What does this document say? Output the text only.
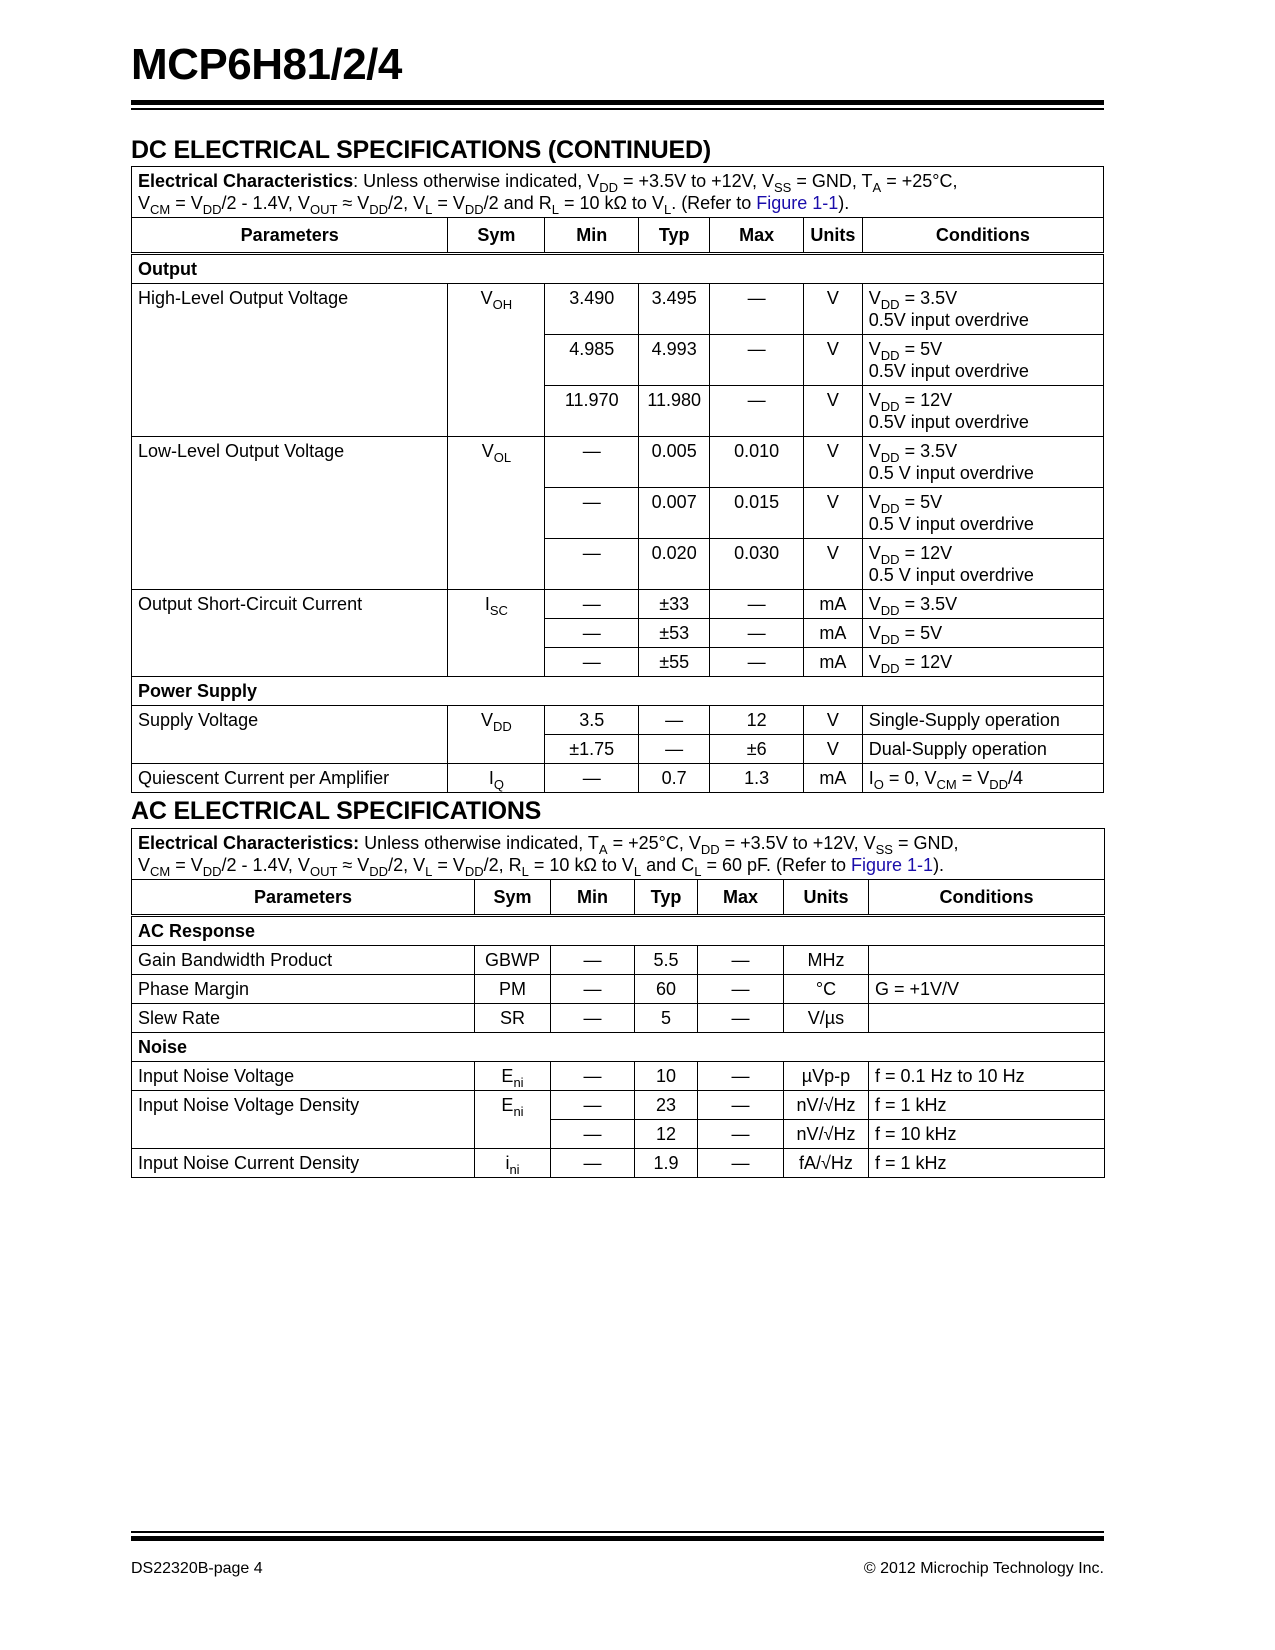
MCP6H81/2/4
DC ELECTRICAL SPECIFICATIONS (CONTINUED)
Electrical Characteristics: Unless otherwise indicated, $V_{DD} = +3.5V$ to +12V, $V_{SS}$ = GND, $T_A = +25^\circ C$,
$V_{CM} = V_{DD}/2 - 1.4V$, $V_{OUT} \approx V_{DD}/2$, $V_L = V_{DD}/2$ and $R_L = 10$ kΩ to $V_L$. (Refer to Figure 1-1).						
Parameters	Sym	Min	Typ	Max	Units	Conditions
Output						
High-Level Output Voltage	$V_{OH}$	3.490	3.495	—	V	$V_{DD} = 3.5V$
0.5V input overdrive
		4.985	4.993	—	V	$V_{DD} = 5V$
0.5V input overdrive
		11.970	11.980	—	V	$V_{DD} = 12V$
0.5V input overdrive
Low-Level Output Voltage	$V_{OL}$	—	0.005	0.010	V	$V_{DD} = 3.5V$
0.5 V input overdrive
		—	0.007	0.015	V	$V_{DD} = 5V$
0.5 V input overdrive
		—	0.020	0.030	V	$V_{DD} = 12V$
0.5 V input overdrive
Output Short-Circuit Current	$I_{SC}$	—	±33	—	mA	$V_{DD} = 3.5V$
		—	±53	—	mA	$V_{DD} = 5V$
		—	±55	—	mA	$V_{DD} = 12V$
Power Supply						
Supply Voltage	$V_{DD}$	3.5	—	12	V	Single-Supply operation
		±1.75	—	±6	V	Dual-Supply operation
Quiescent Current per Amplifier	$I_Q$	—	0.7	1.3	mA	$I_O = 0$, $V_{CM} = V_{DD}/4$
AC ELECTRICAL SPECIFICATIONS
Electrical Characteristics: Unless otherwise indicated, $T_A = +25^\circ C$, $V_{DD} = +3.5V$ to +12V, $V_{SS}$ = GND,
$V_{CM} = V_{DD}/2 - 1.4V$, $V_{OUT} \approx V_{DD}/2$, $V_L = V_{DD}/2$, $R_L = 10$ kΩ to $V_L$ and $C_L = 60$ pF. (Refer to Figure 1-1).						
Parameters	Sym	Min	Typ	Max	Units	Conditions
AC Response						
Gain Bandwidth Product	GBWP	—	5.5	—	MHz	
Phase Margin	PM	—	60	—	°C	G = +1V/V
Slew Rate	SR	—	5	—	V/µs	
Noise						
Input Noise Voltage	$E_{ni}$	—	10	—	µVp-p	f = 0.1 Hz to 10 Hz
Input Noise Voltage Density	$E_{ni}$	—	23	—	nV/√Hz	f = 1 kHz
		—	12	—	nV/√Hz	f = 10 kHz
Input Noise Current Density	$i_{ni}$	—	1.9	—	fA/√Hz	f = 1 kHz
DS22320B-page 4	© 2012 Microchip Technology Inc.
